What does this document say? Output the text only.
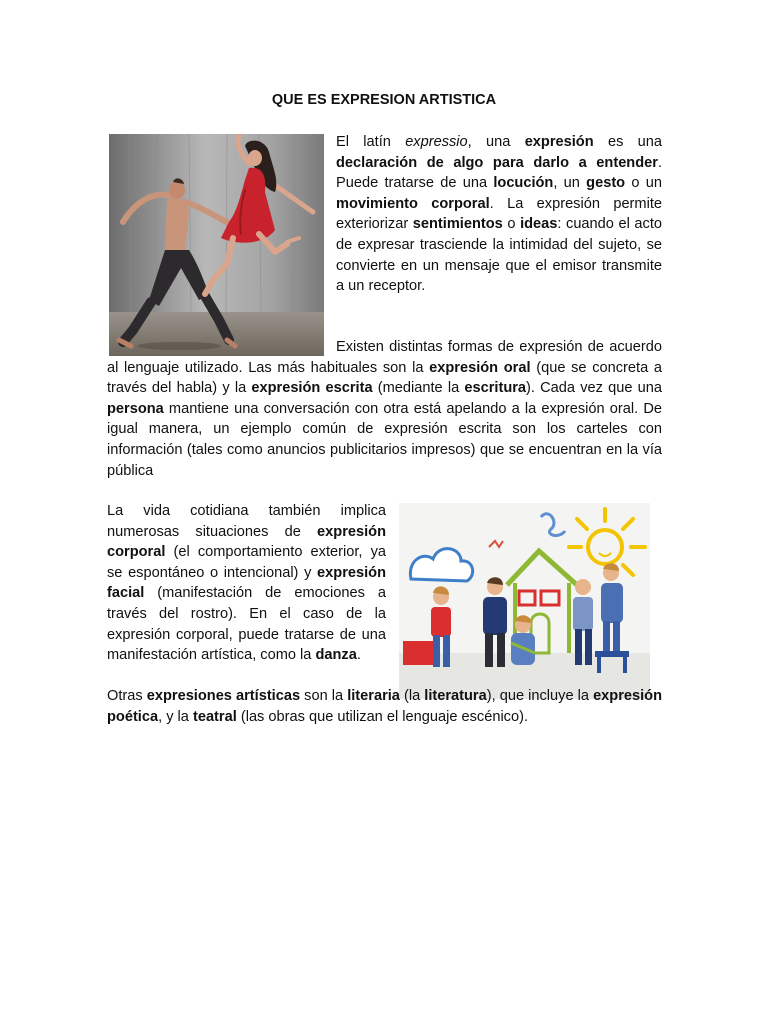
QUE ES EXPRESION ARTISTICA

El latín expressio, una expresión es una declaración de algo para darlo a entender. Puede tratarse de una locución, un gesto o un movimiento corporal. La expresión permite exteriorizar sentimientos o ideas: cuando el acto de expresar trasciende la intimidad del sujeto, se convierte en un mensaje que el emisor transmite a un receptor.

Existen distintas formas de expresión de acuerdo al lenguaje utilizado. Las más habituales son la expresión oral (que se concreta a través del habla) y la expresión escrita (mediante la escritura). Cada vez que una persona mantiene una conversación con otra está apelando a la expresión oral. De igual manera, un ejemplo común de expresión escrita son los carteles con información (tales como anuncios publicitarios impresos) que se encuentran en la vía pública

La vida cotidiana también implica numerosas situaciones de expresión corporal (el comportamiento exterior, ya se espontáneo o intencional) y expresión facial (manifestación de emociones a través del rostro). En el caso de la expresión corporal, puede tratarse de una manifestación artística, como la danza.

Otras expresiones artísticas son la literaria (la literatura), que incluye la expresión poética, y la teatral (las obras que utilizan el lenguaje escénico).
